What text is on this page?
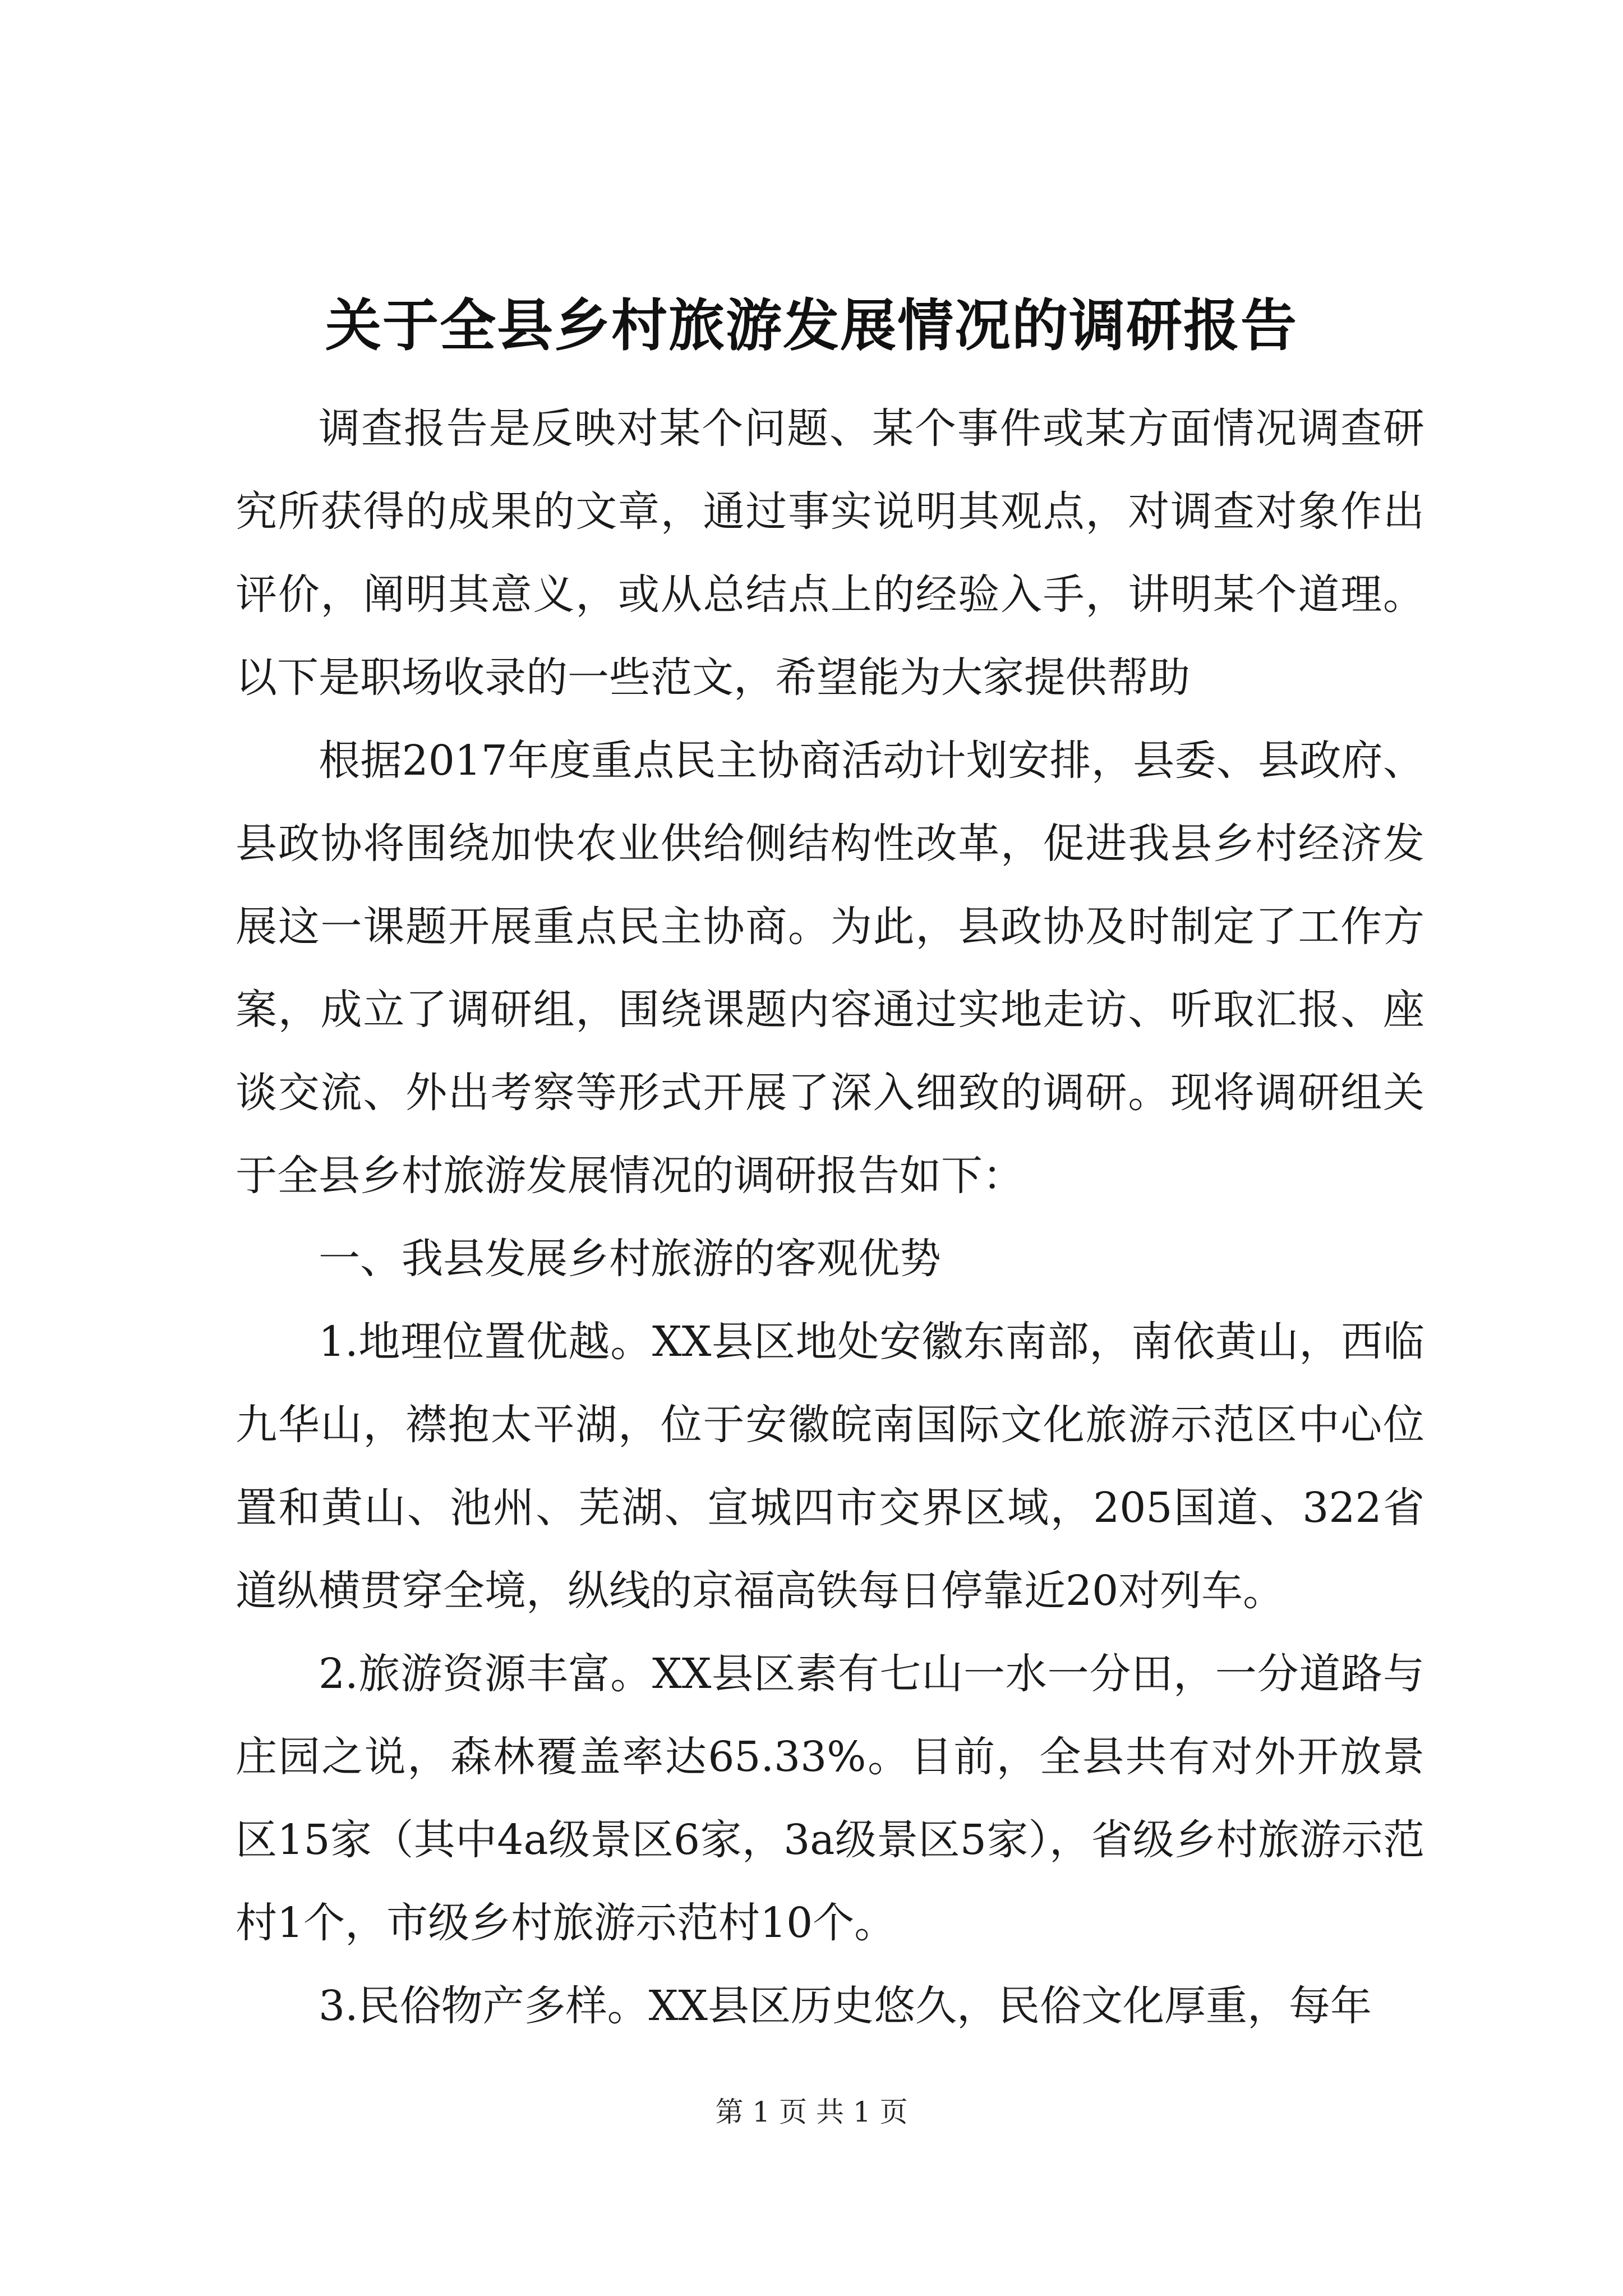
关于全县乡村旅游发展情况的调研报告

调查报告是反映对某个问题、某个事件或某方面情况调查研究所获得的成果的文章，通过事实说明其观点，对调查对象作出评价，阐明其意义，或从总结点上的经验入手，讲明某个道理。以下是职场收录的一些范文，希望能为大家提供帮助

根据2017年度重点民主协商活动计划安排，县委、县政府、县政协将围绕加快农业供给侧结构性改革，促进我县乡村经济发展这一课题开展重点民主协商。为此，县政协及时制定了工作方案，成立了调研组，围绕课题内容通过实地走访、听取汇报、座谈交流、外出考察等形式开展了深入细致的调研。现将调研组关于全县乡村旅游发展情况的调研报告如下：

一、我县发展乡村旅游的客观优势

1.地理位置优越。XX县区地处安徽东南部，南依黄山，西临九华山，襟抱太平湖，位于安徽皖南国际文化旅游示范区中心位置和黄山、池州、芜湖、宣城四市交界区域，205国道、322省道纵横贯穿全境，纵线的京福高铁每日停靠近20对列车。

2.旅游资源丰富。XX县区素有七山一水一分田，一分道路与庄园之说，森林覆盖率达65.33%。目前，全县共有对外开放景区15家（其中4a级景区6家，3a级景区5家），省级乡村旅游示范村1个，市级乡村旅游示范村10个。

3.民俗物产多样。XX县区历史悠久，民俗文化厚重，每年

第 1 页 共 1 页
